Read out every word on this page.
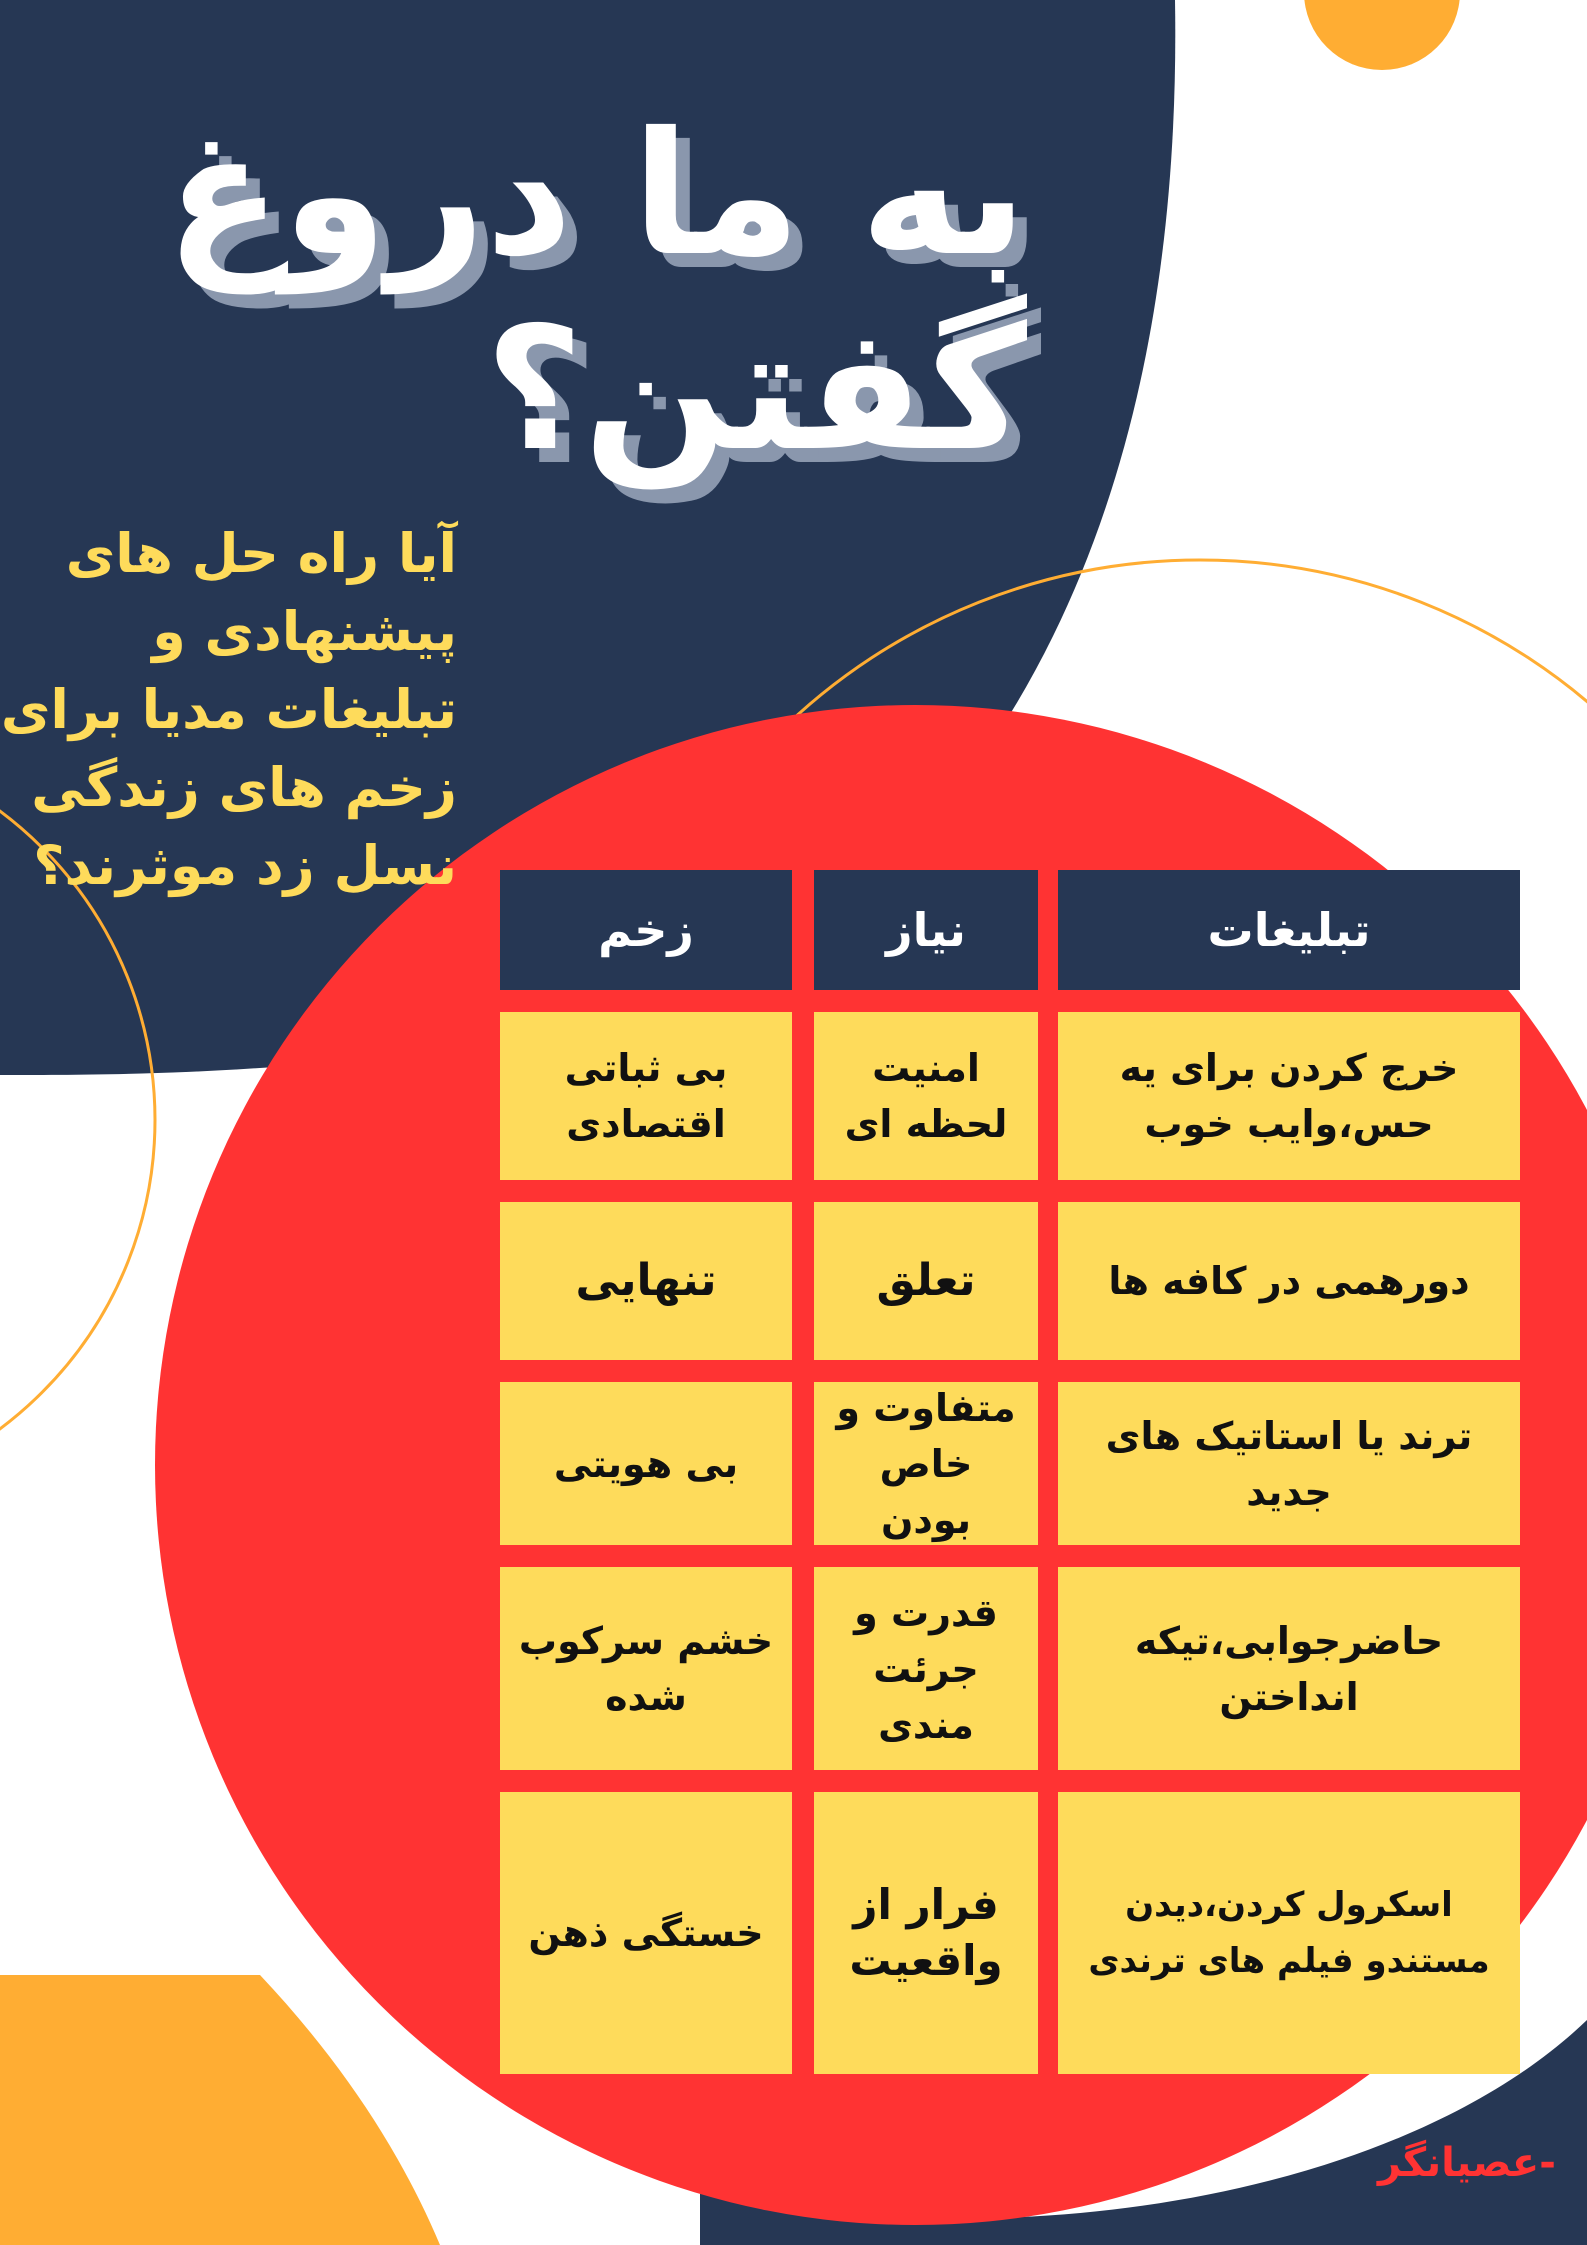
به ما دروغ
گفتن؟
آیا راه حل های
پیشنهادی و
تبلیغات مدیا برای
زخم های زندگی
نسل زد موثرند؟
تبلیغات
نیاز
زخم
خرج کردن برای یه حس،وایب خوب
امنیت لحظه ای
بی ثباتی اقتصادی
دورهمی در کافه ها
تعلق
تنهایی
ترند یا استاتیک های جدید
متفاوت و خاص بودن
بی هویتی
حاضرجوابی،تیکه انداختن
قدرت و جرئت مندی
خشم سرکوب شده
اسکرول کردن،دیدن مستندو فیلم های ترندی
فرار از واقعیت
خستگی ذهن
-عصیانگر
